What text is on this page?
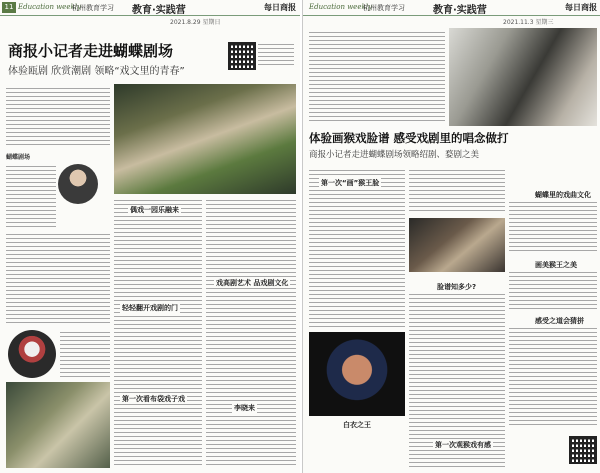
11 Education weekly
杭州教育学习 教育·实践营	每日商报
2021.8.29 星期日
商报小记者走进蝴蝶剧场
体验瓯剧 欣赏潮剧 领略“戏文里的青春”
蝴蝶剧场
偶戏一园乐融来
戏高剧艺术 品戏剧文化
轻轻翻开戏剧的门
第一次看布袋戏子戏
李晓来
Education weekly
杭州教育学习	教育·实践营	每日商报
2021.11.3 星期三
体验画猴戏脸谱 感受戏剧里的唱念做打
商报小记者走进蝴蝶剧场领略绍剧、婺剧之美
第一次“画”猴王脸
脸谱知多少?
白衣之王
第一次观猴戏有感
蝴蝶里的戏曲文化
画美猴王之美
感受之道会猜拼
